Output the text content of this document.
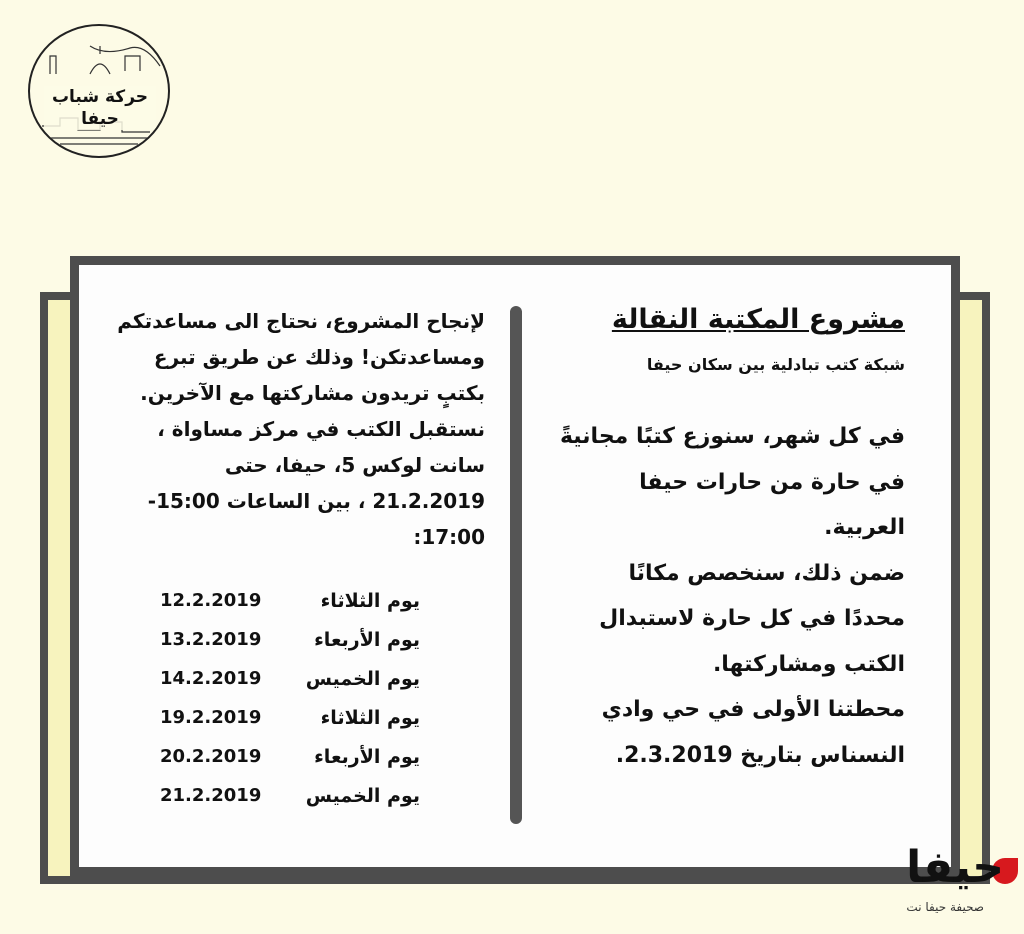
حركة شباب حيفا
مشروع المكتبة النقالة
شبكة كتب تبادلية بين سكان حيفا
في كل شهر، سنوزع كتبًا مجانيةً
في حارة من حارات حيفا
العربية.
ضمن ذلك، سنخصص مكانًا
محددًا في كل حارة لاستبدال
الكتب ومشاركتها.
محطتنا الأولى في حي وادي
النسناس بتاريخ 2.3.2019.
لإنجاح المشروع، نحتاج الى مساعدتكم
ومساعدتكن! وذلك عن طريق تبرع
بكتبٍ تريدون مشاركتها مع الآخرين.
نستقبل الكتب في مركز مساواة ،
سانت لوكس 5، حيفا، حتى
21.2.2019 ، بين الساعات 15:00-
17:00:
يوم الثلاثاء
12.2.2019
يوم الأربعاء
13.2.2019
يوم الخميس
14.2.2019
يوم الثلاثاء
19.2.2019
يوم الأربعاء
20.2.2019
يوم الخميس
21.2.2019
حيفا
صحيفة حيفا نت
